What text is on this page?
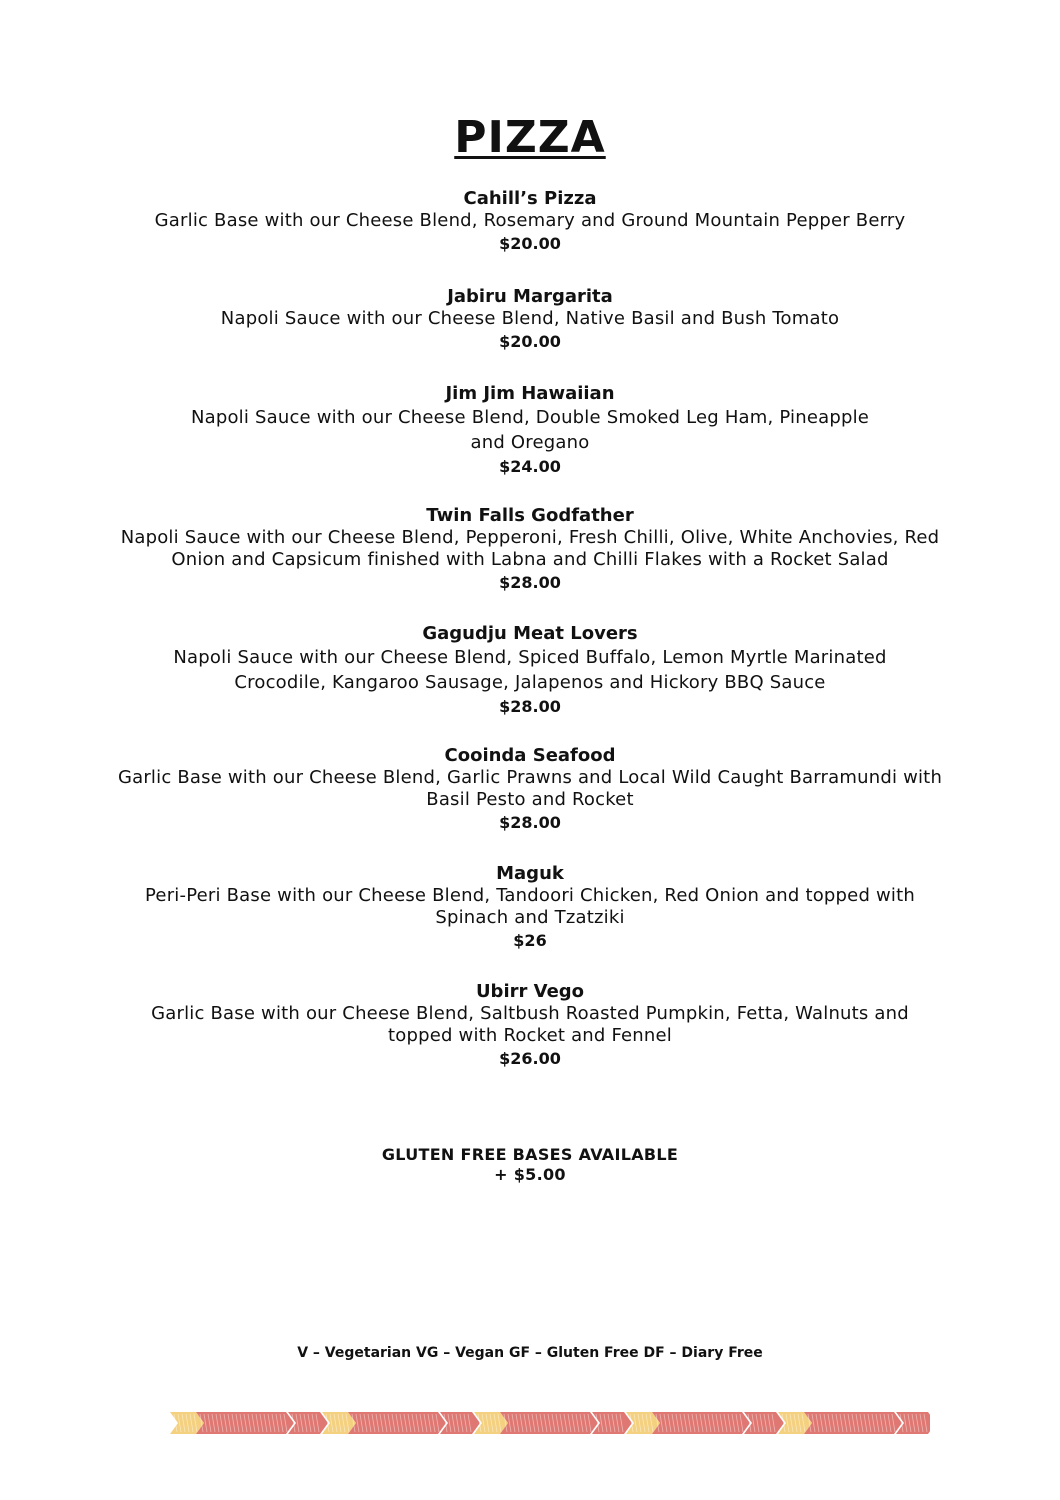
PIZZA
Cahill’s Pizza
Garlic Base with our Cheese Blend, Rosemary and Ground Mountain Pepper Berry
$20.00
Jabiru Margarita
Napoli Sauce with our Cheese Blend, Native Basil and Bush Tomato
$20.00
Jim Jim Hawaiian
Napoli Sauce with our Cheese Blend, Double Smoked Leg Ham, Pineapple
and Oregano
$24.00
Twin Falls Godfather
Napoli Sauce with our Cheese Blend, Pepperoni, Fresh Chilli, Olive, White Anchovies, Red
Onion and Capsicum finished with Labna and Chilli Flakes with a Rocket Salad
$28.00
Gagudju Meat Lovers
Napoli Sauce with our Cheese Blend, Spiced Buffalo, Lemon Myrtle Marinated
Crocodile, Kangaroo Sausage, Jalapenos and Hickory BBQ Sauce
$28.00
Cooinda Seafood
Garlic Base with our Cheese Blend, Garlic Prawns and Local Wild Caught Barramundi with
Basil Pesto and Rocket
$28.00
Maguk
Peri-Peri Base with our Cheese Blend, Tandoori Chicken, Red Onion and topped with
Spinach and Tzatziki
$26
Ubirr Vego
Garlic Base with our Cheese Blend, Saltbush Roasted Pumpkin, Fetta, Walnuts and
topped with Rocket and Fennel
$26.00
GLUTEN FREE BASES AVAILABLE
+ $5.00
V – Vegetarian VG – Vegan GF – Gluten Free DF – Diary Free
